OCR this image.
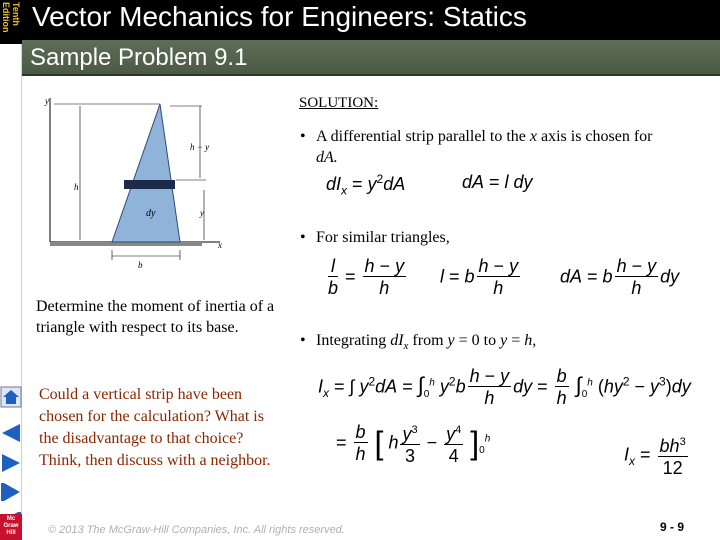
Tenth Edition Vector Mechanics for Engineers: Statics
Sample Problem 9.1
Mc Graw Hill
y
x
h
h − y
y
dy
b
Determine the moment of inertia of a triangle with respect to its base.
Could a vertical strip have been chosen for the calculation? What is the disadvantage to that choice? Think, then discuss with a neighbor.
SOLUTION:
• A differential strip parallel to the x axis is chosen for
dA.
$dI_x = y^2dA$	dA = l dy
• For similar triangles,
$\frac{l}{b} = \frac{h - y}{h}$ l = b $\frac{h - y}{h}$ dA = b $\frac{h - y}{h}$ dy
• Integrating $dI_x$ from y = 0 to y = h,
$I_x$ = ∫ $y^2dA = \int_0^h$ $y^2b \frac{h - y}{h}$ dy = $\frac{b}{h} \int_0^h$ $(hy^2 - y^3)dy$
= $\frac{b}{h}$ [ h $\frac{y^3}{3} - \frac{y^4}{4} ]_0^h$
$I_x = \frac{bh^3}{12}$
© 2013 The McGraw-Hill Companies, Inc. All rights reserved.	9 - 9
